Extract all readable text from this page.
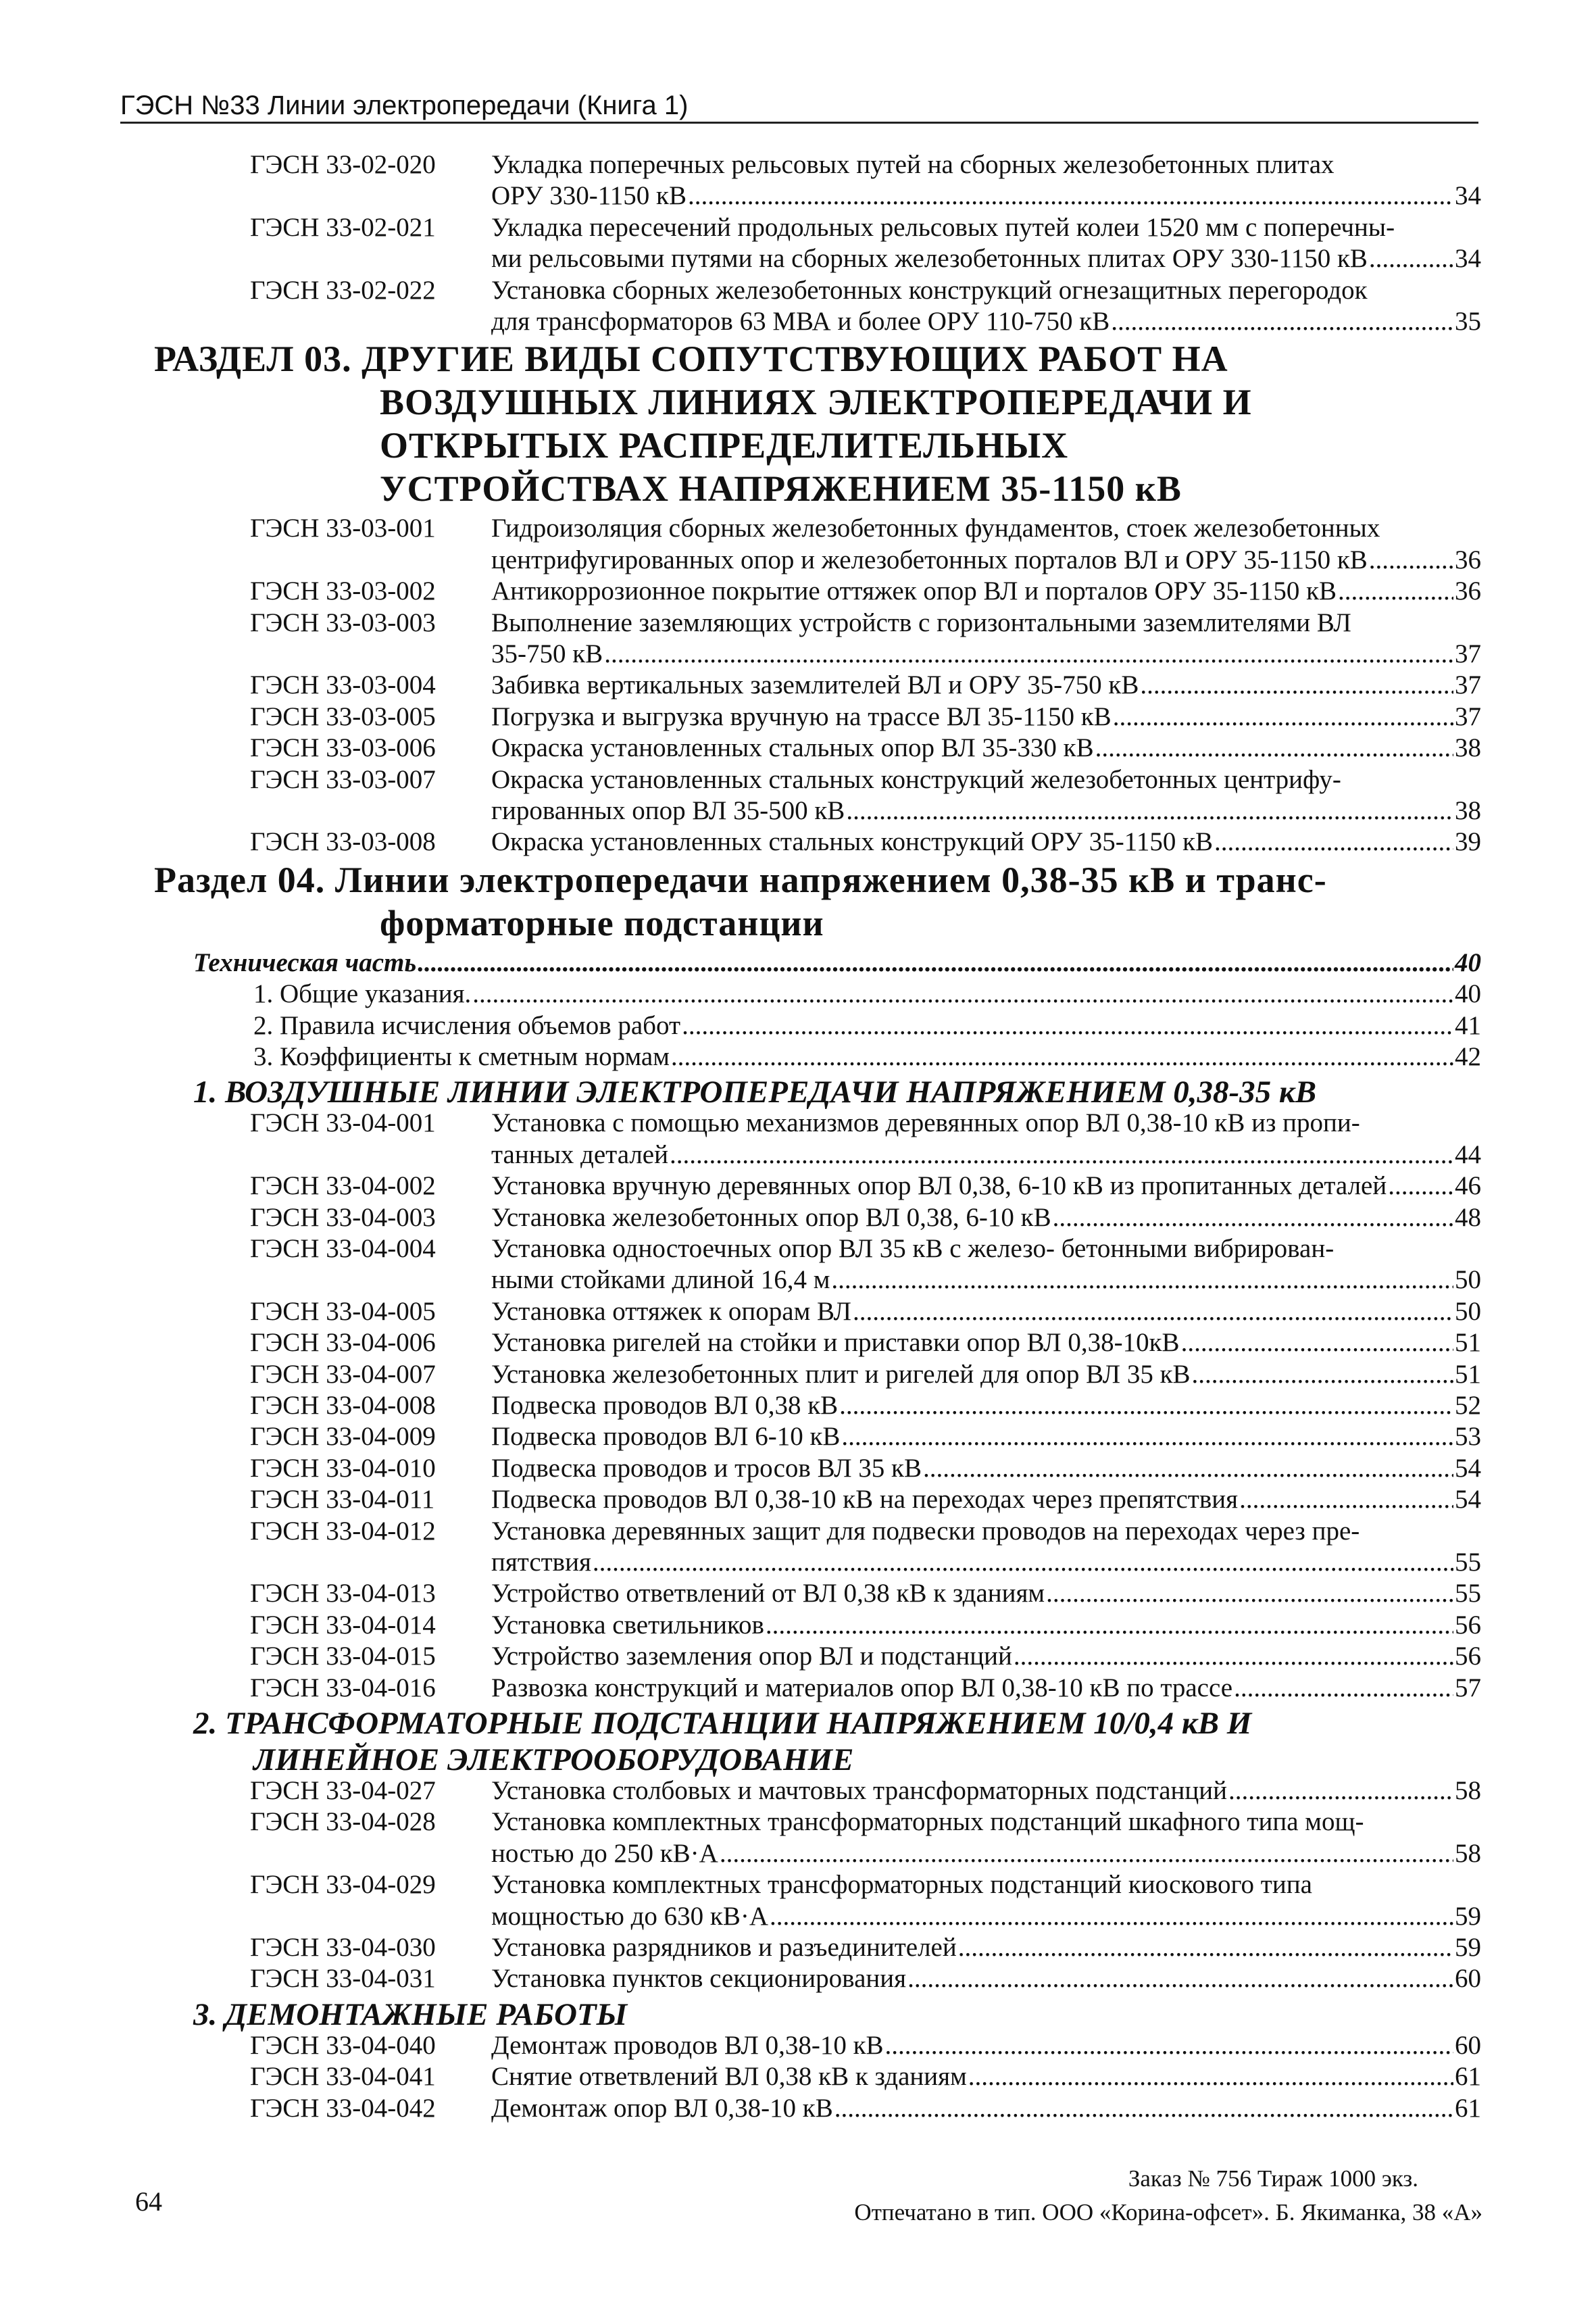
ГЭСН №33 Линии электропередачи (Книга 1)
ГЭСН 33-02-020	Укладка поперечных рельсовых путей на сборных железобетонных плитах
ОРУ 330-1150 кВ .....	34
ГЭСН 33-02-021	Укладка пересечений продольных рельсовых путей колеи 1520 мм с поперечны-
ми рельсовыми путями на сборных железобетонных плитах ОРУ 330-1150 кВ .....	34
ГЭСН 33-02-022	Установка сборных железобетонных конструкций огнезащитных перегородок
для трансформаторов 63 МВА и более ОРУ 110-750 кВ .....	35
РАЗДЕЛ 03. ДРУГИЕ ВИДЫ СОПУТСТВУЮЩИХ РАБОТ НА
ВОЗДУШНЫХ ЛИНИЯХ ЭЛЕКТРОПЕРЕДАЧИ И
ОТКРЫТЫХ РАСПРЕДЕЛИТЕЛЬНЫХ
УСТРОЙСТВАХ НАПРЯЖЕНИЕМ 35-1150 кВ
ГЭСН 33-03-001	Гидроизоляция сборных железобетонных фундаментов, стоек железобетонных
центрифугированных опор и железобетонных порталов ВЛ и ОРУ 35-1150 кВ .....	36
ГЭСН 33-03-002	Антикоррозионное покрытие оттяжек опор ВЛ и порталов ОРУ 35-1150 кВ .....	36
ГЭСН 33-03-003	Выполнение заземляющих устройств с горизонтальными заземлителями ВЛ
35-750 кВ .....	37
ГЭСН 33-03-004	Забивка вертикальных заземлителей ВЛ и ОРУ 35-750 кВ .....	37
ГЭСН 33-03-005	Погрузка и выгрузка вручную на трассе ВЛ 35-1150 кВ .....	37
ГЭСН 33-03-006	Окраска установленных стальных опор ВЛ 35-330 кВ .....	38
ГЭСН 33-03-007	Окраска установленных стальных конструкций железобетонных центрифу-
гированных опор ВЛ 35-500 кВ .....	38
ГЭСН 33-03-008	Окраска установленных стальных конструкций ОРУ 35-1150 кВ .....	39
Раздел 04. Линии электропередачи напряжением 0,38-35 кВ и транс-
форматорные подстанции
Техническая часть .....	40
1. Общие указания. .....	40
2. Правила исчисления объемов работ .....	41
3. Коэффициенты к сметным нормам .....	42
1. ВОЗДУШНЫЕ ЛИНИИ ЭЛЕКТРОПЕРЕДАЧИ НАПРЯЖЕНИЕМ 0,38-35 кВ
ГЭСН 33-04-001	Установка с помощью механизмов деревянных опор ВЛ 0,38-10 кВ из пропи-
танных деталей .....	44
ГЭСН 33-04-002	Установка вручную деревянных опор ВЛ 0,38, 6-10 кВ из пропитанных деталей .....	46
ГЭСН 33-04-003	Установка железобетонных опор ВЛ 0,38, 6-10 кВ .....	48
ГЭСН 33-04-004	Установка одностоечных опор ВЛ 35 кВ с железо- бетонными вибрирован-
ными стойками длиной 16,4 м .....	50
ГЭСН 33-04-005	Установка оттяжек к опорам ВЛ .....	50
ГЭСН 33-04-006	Установка ригелей на стойки и приставки опор ВЛ 0,38-10кВ .....	51
ГЭСН 33-04-007	Установка железобетонных плит и ригелей для опор ВЛ 35 кВ .....	51
ГЭСН 33-04-008	Подвеска проводов ВЛ 0,38 кВ .....	52
ГЭСН 33-04-009	Подвеска проводов ВЛ 6-10 кВ .....	53
ГЭСН 33-04-010	Подвеска проводов и тросов ВЛ 35 кВ .....	54
ГЭСН 33-04-011	Подвеска проводов ВЛ 0,38-10 кВ на переходах через препятствия .....	54
ГЭСН 33-04-012	Установка деревянных защит для подвески проводов на переходах через пре-
пятствия .....	55
ГЭСН 33-04-013	Устройство ответвлений от ВЛ 0,38 кВ к зданиям .....	55
ГЭСН 33-04-014	Установка светильников .....	56
ГЭСН 33-04-015	Устройство заземления опор ВЛ и подстанций .....	56
ГЭСН 33-04-016	Развозка конструкций и материалов опор ВЛ 0,38-10 кВ по трассе .....	57
2. ТРАНСФОРМАТОРНЫЕ ПОДСТАНЦИИ НАПРЯЖЕНИЕМ 10/0,4 кВ И
ЛИНЕЙНОЕ ЭЛЕКТРООБОРУДОВАНИЕ
ГЭСН 33-04-027	Установка столбовых и мачтовых трансформаторных подстанций .....	58
ГЭСН 33-04-028	Установка комплектных трансформаторных подстанций шкафного типа мощ-
ностью до 250 кВ·А .....	58
ГЭСН 33-04-029	Установка комплектных трансформаторных подстанций киоскового типа
мощностью до 630 кВ·А .....	59
ГЭСН 33-04-030	Установка разрядников и разъединителей .....	59
ГЭСН 33-04-031	Установка пунктов секционирования .....	60
3. ДЕМОНТАЖНЫЕ РАБОТЫ
ГЭСН 33-04-040	Демонтаж проводов ВЛ 0,38-10 кВ .....	60
ГЭСН 33-04-041	Снятие ответвлений ВЛ 0,38 кВ к зданиям .....	61
ГЭСН 33-04-042	Демонтаж опор ВЛ 0,38-10 кВ .....	61
64
Заказ № 756 Тираж 1000 экз.
Отпечатано в тип. ООО «Корина-офсет». Б. Якиманка, 38 «А»
